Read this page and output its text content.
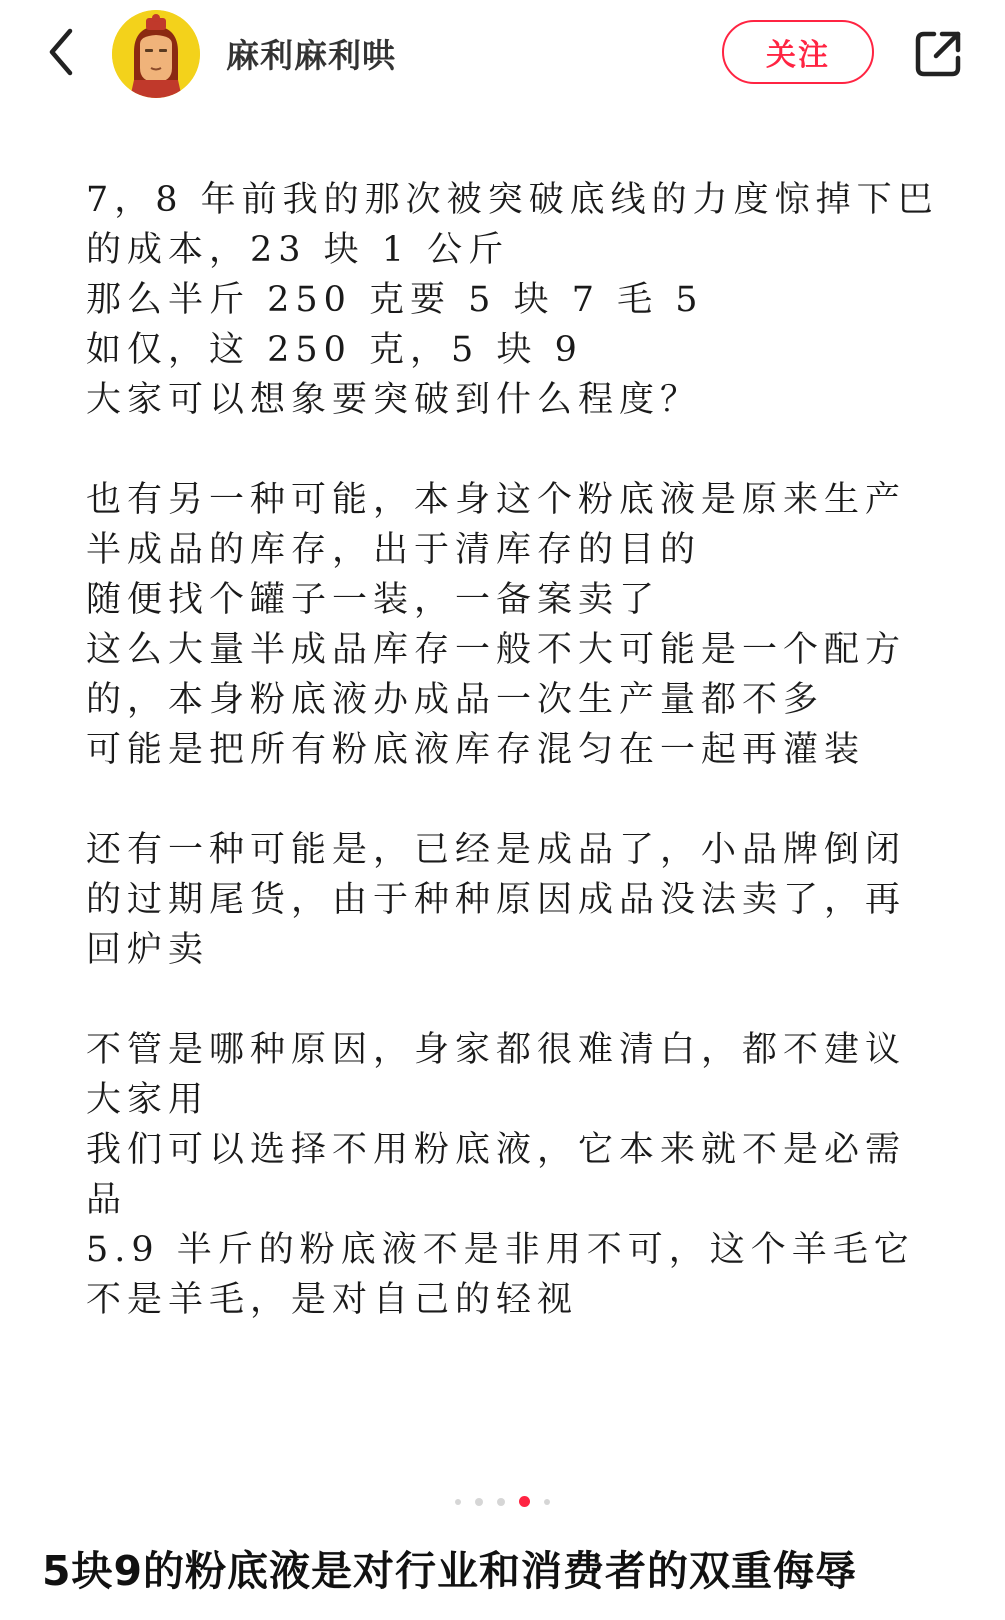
麻利麻利哄	关注
7，8 年前我的那次被突破底线的力度惊掉下巴
的成本，23 块 1 公斤
那么半斤 250 克要 5 块 7 毛 5
如仅，这 250 克，5 块 9
大家可以想象要突破到什么程度？
也有另一种可能，本身这个粉底液是原来生产
半成品的库存，出于清库存的目的
随便找个罐子一装，一备案卖了
这么大量半成品库存一般不大可能是一个配方
的，本身粉底液办成品一次生产量都不多
可能是把所有粉底液库存混匀在一起再灌装
还有一种可能是，已经是成品了，小品牌倒闭
的过期尾货，由于种种原因成品没法卖了，再
回炉卖
不管是哪种原因，身家都很难清白，都不建议
大家用
我们可以选择不用粉底液，它本来就不是必需
品
5.9 半斤的粉底液不是非用不可，这个羊毛它
不是羊毛，是对自己的轻视
5块9的粉底液是对行业和消费者的双重侮辱
